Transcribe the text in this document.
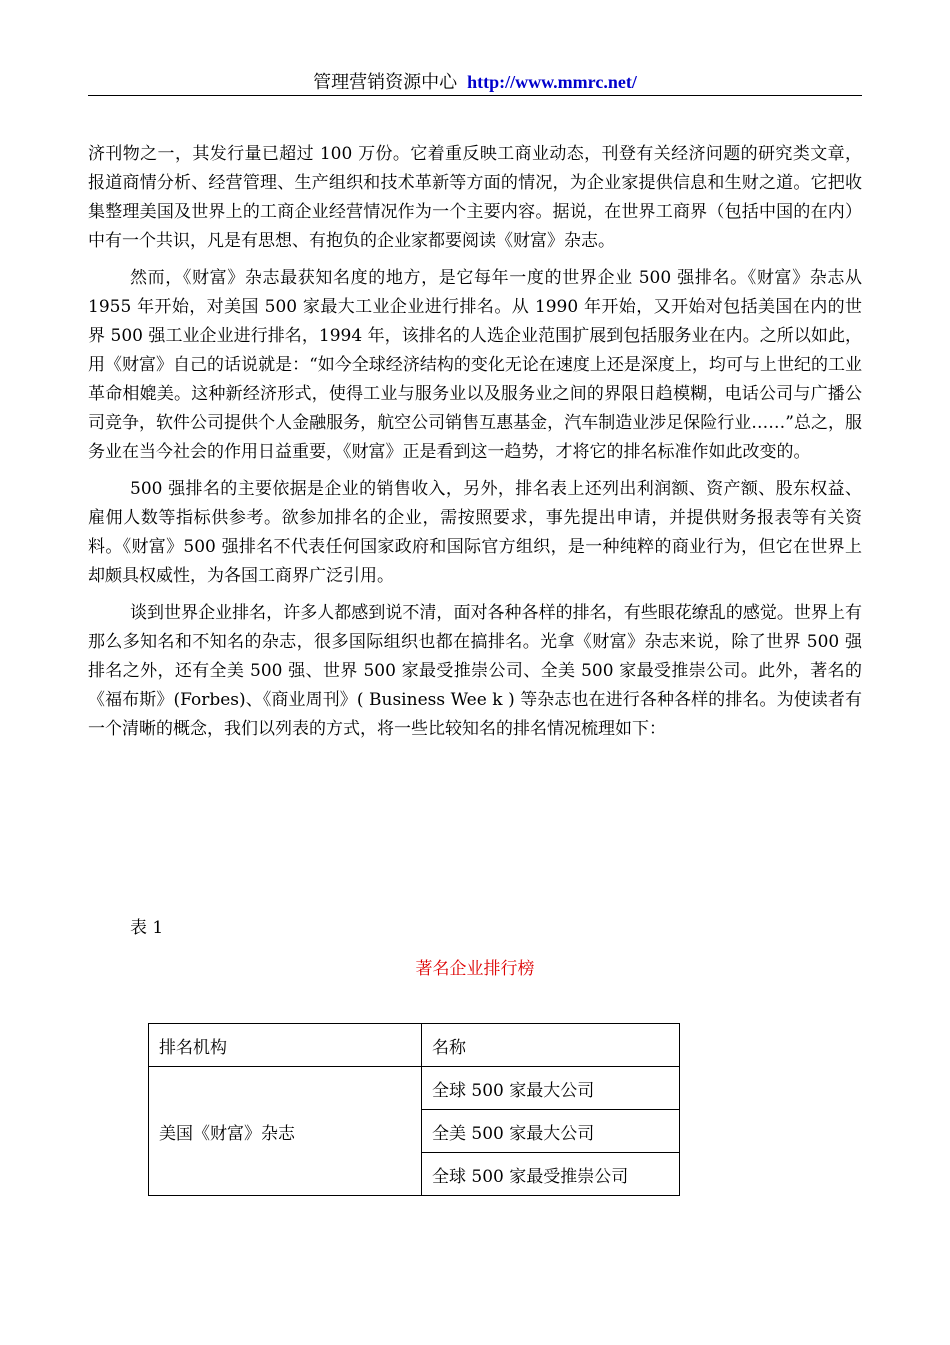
管理营销资源中心 http://www.mmrc.net/

济刊物之一，其发行量已超过 100 万份。它着重反映工商业动态，刊登有关经济问题的研究类文章，报道商情分析、经营管理、生产组织和技术革新等方面的情况，为企业家提供信息和生财之道。它把收集整理美国及世界上的工商企业经营情况作为一个主要内容。据说，在世界工商界（包括中国的在内）中有一个共识，凡是有思想、有抱负的企业家都要阅读《财富》杂志。

然而，《财富》杂志最获知名度的地方，是它每年一度的世界企业 500 强排名。《财富》杂志从 1955 年开始，对美国 500 家最大工业企业进行排名。从 1990 年开始，又开始对包括美国在内的世界 500 强工业企业进行排名，1994 年，该排名的人选企业范围扩展到包括服务业在内。之所以如此，用《财富》自己的话说就是：“如今全球经济结构的变化无论在速度上还是深度上，均可与上世纪的工业革命相媲美。这种新经济形式，使得工业与服务业以及服务业之间的界限日趋模糊，电话公司与广播公司竞争，软件公司提供个人金融服务，航空公司销售互惠基金，汽车制造业涉足保险行业……”总之，服务业在当今社会的作用日益重要，《财富》正是看到这一趋势，才将它的排名标准作如此改变的。

500 强排名的主要依据是企业的销售收入，另外，排名表上还列出利润额、资产额、股东权益、雇佣人数等指标供参考。欲参加排名的企业，需按照要求，事先提出申请，并提供财务报表等有关资料。《财富》500 强排名不代表任何国家政府和国际官方组织，是一种纯粹的商业行为，但它在世界上却颇具权威性，为各国工商界广泛引用。

谈到世界企业排名，许多人都感到说不清，面对各种各样的排名，有些眼花缭乱的感觉。世界上有那么多知名和不知名的杂志，很多国际组织也都在搞排名。光拿《财富》杂志来说，除了世界 500 强排名之外，还有全美 500 强、世界 500 家最受推崇公司、全美 500 家最受推崇公司。此外，著名的《福布斯》(Forbes)、《商业周刊》( Business Wee k ) 等杂志也在进行各种各样的排名。为使读者有一个清晰的概念，我们以列表的方式，将一些比较知名的排名情况梳理如下：

表 1
著名企业排行榜
排名机构	名称
美国《财富》杂志	全球 500 家最大公司
	全美 500 家最大公司
	全球 500 家最受推崇公司
